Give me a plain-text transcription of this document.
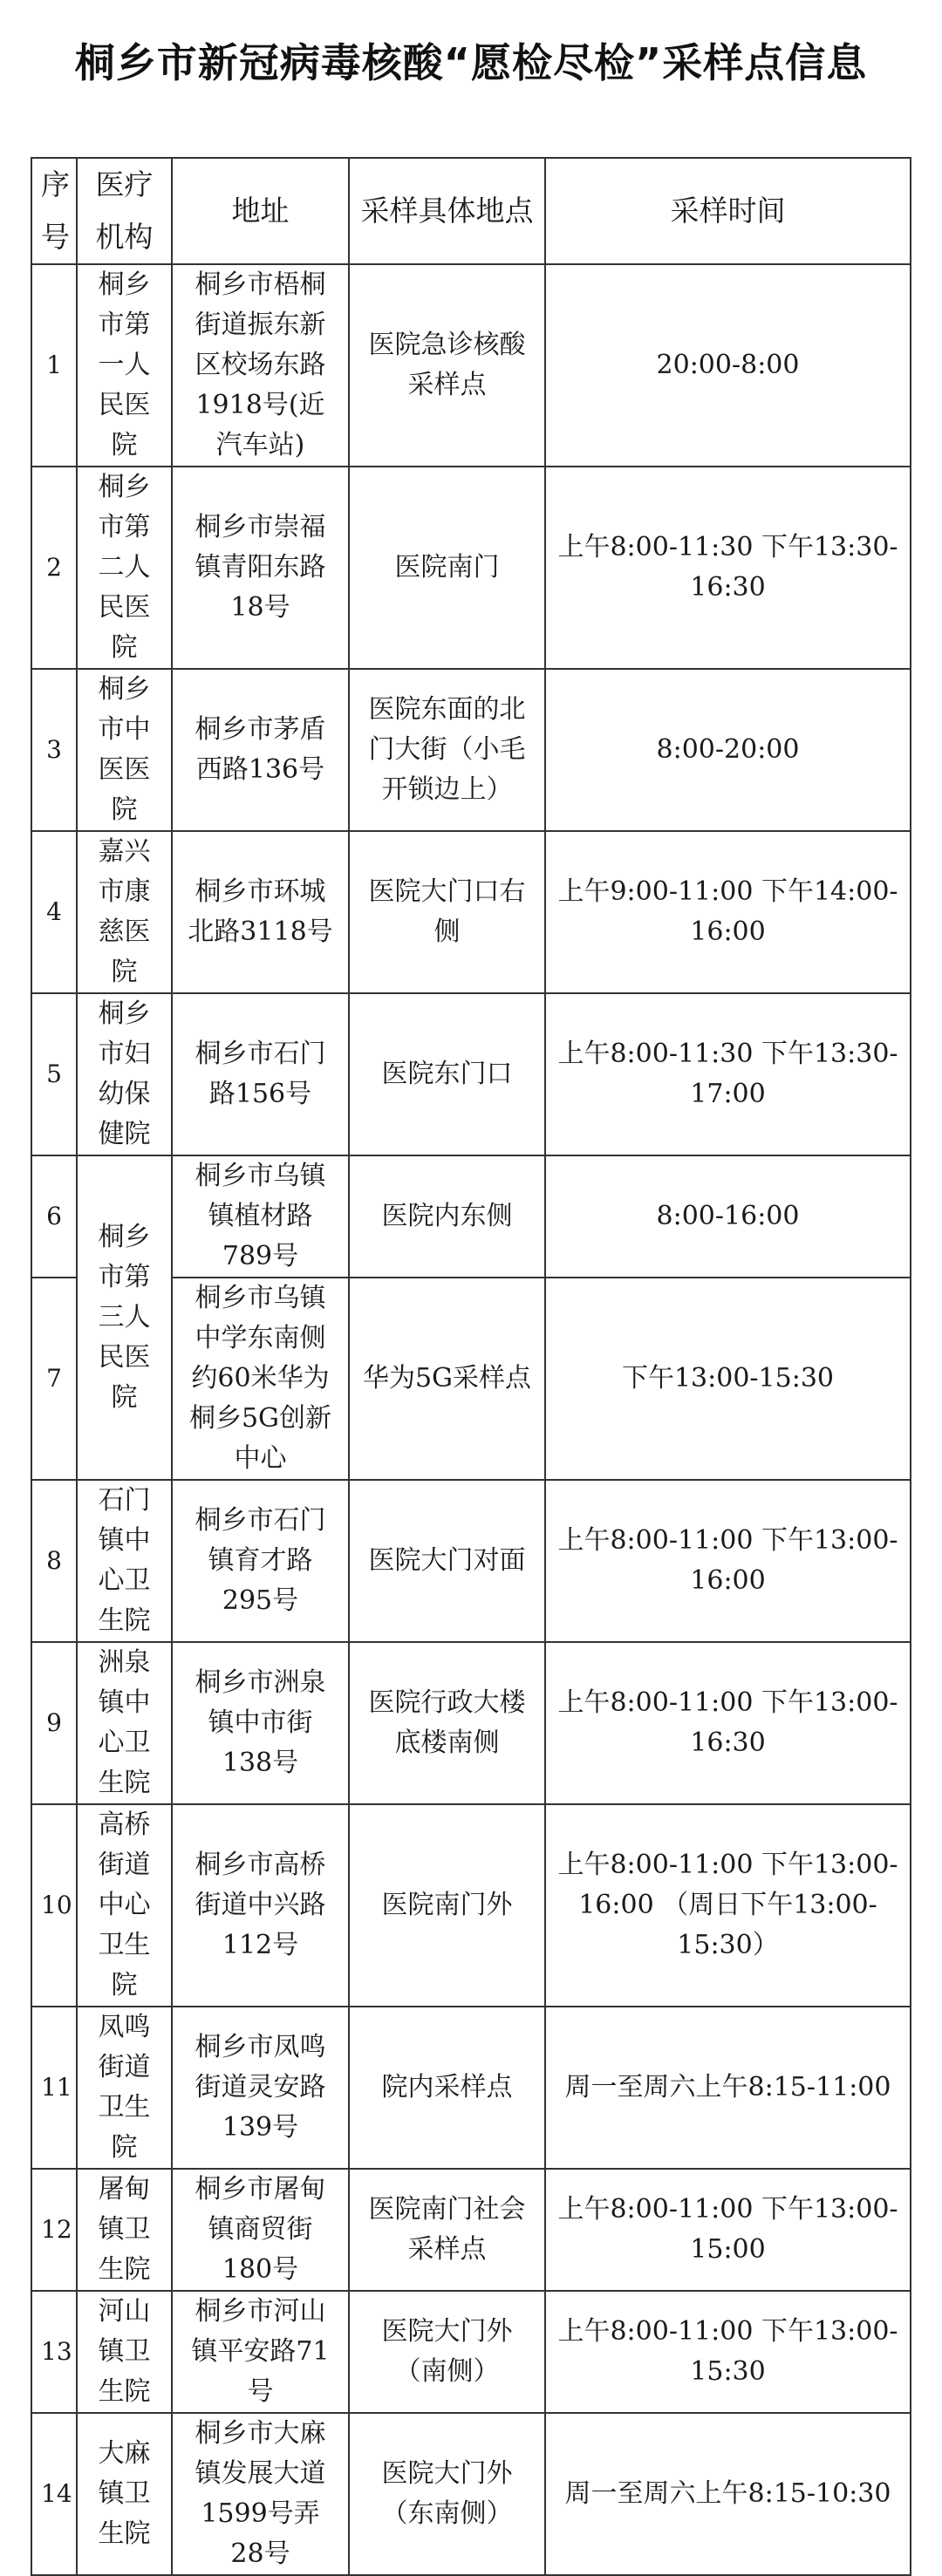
桐乡市新冠病毒核酸“愿检尽检”采样点信息
序号	医疗机构	地址	采样具体地点	采样时间
1	桐乡市第一人民医院	桐乡市梧桐街道振东新区校场东路1918号(近汽车站)	医院急诊核酸采样点	20:00-8:00
2	桐乡市第二人民医院	桐乡市崇福镇青阳东路18号	医院南门	上午8:00-11:30 下午13:30-16:30
3	桐乡市中医医院	桐乡市茅盾西路136号	医院东面的北门大街（小毛开锁边上）	8:00-20:00
4	嘉兴市康慈医院	桐乡市环城北路3118号	医院大门口右侧	上午9:00-11:00 下午14:00-16:00
5	桐乡市妇幼保健院	桐乡市石门路156号	医院东门口	上午8:00-11:30 下午13:30-17:00
6	桐乡市第三人民医院	桐乡市乌镇镇植材路789号	医院内东侧	8:00-16:00
7		桐乡市乌镇中学东南侧约60米华为桐乡5G创新中心	华为5G采样点	下午13:00-15:30
8	石门镇中心卫生院	桐乡市石门镇育才路295号	医院大门对面	上午8:00-11:00 下午13:00-16:00
9	洲泉镇中心卫生院	桐乡市洲泉镇中市街138号	医院行政大楼底楼南侧	上午8:00-11:00 下午13:00-16:30
10	高桥街道中心卫生院	桐乡市高桥街道中兴路112号	医院南门外	上午8:00-11:00 下午13:00-16:00 （周日下午13:00-15:30）
11	凤鸣街道卫生院	桐乡市凤鸣街道灵安路139号	院内采样点	周一至周六上午8:15-11:00
12	屠甸镇卫生院	桐乡市屠甸镇商贸街180号	医院南门社会采样点	上午8:00-11:00 下午13:00-15:00
13	河山镇卫生院	桐乡市河山镇平安路71号	医院大门外（南侧）	上午8:00-11:00 下午13:00-15:30
14	大麻镇卫生院	桐乡市大麻镇发展大道1599号弄28号	医院大门外（东南侧）	周一至周六上午8:15-10:30
